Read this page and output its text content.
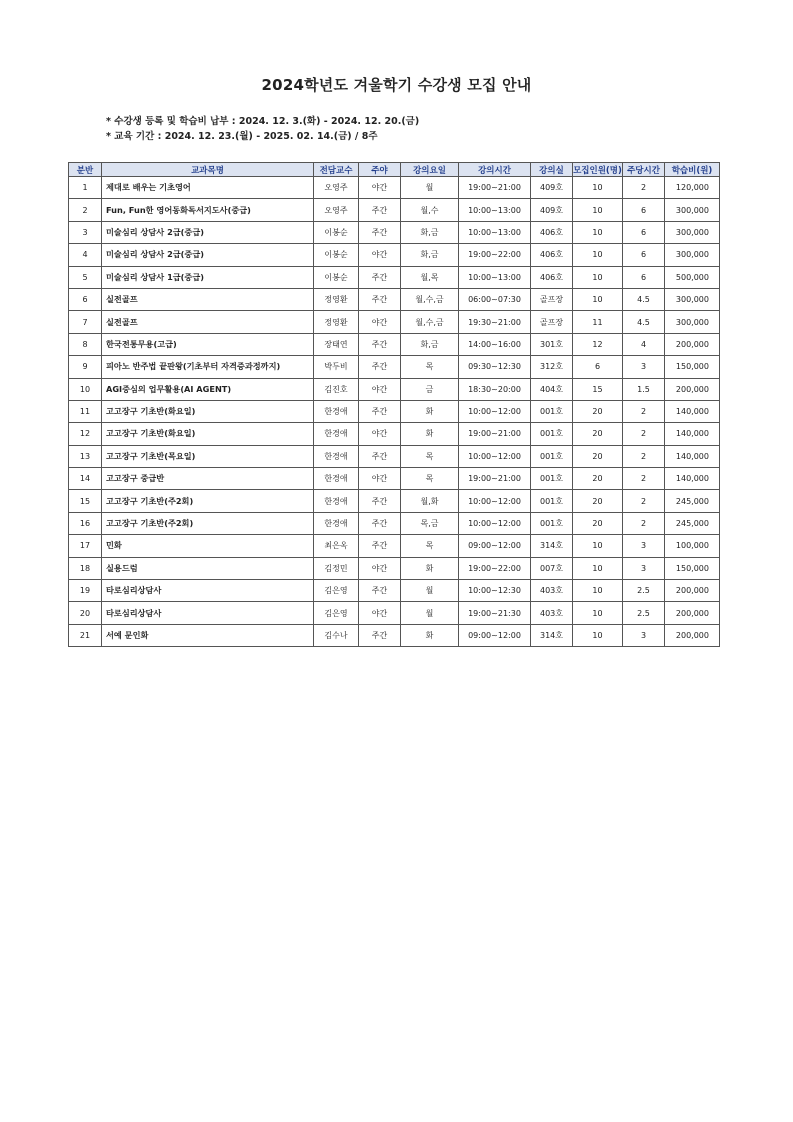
2024학년도 겨울학기 수강생 모집 안내
* 수강생 등록 및 학습비 납부 : 2024. 12. 3.(화) - 2024. 12. 20.(금)
* 교육 기간 : 2024. 12. 23.(월) - 2025. 02. 14.(금) / 8주
분반	교과목명	전담교수	주야	강의요일	강의시간	강의실	모집인원(명)	주당시간	학습비(원)
1	제대로 배우는 기초영어	오영주	야간	월	19:00~21:00	409호	10	2	120,000
2	Fun, Fun한 영어동화독서지도사(중급)	오영주	주간	월,수	10:00~13:00	409호	10	6	300,000
3	미술심리 상담사 2급(중급)	이봉순	주간	화,금	10:00~13:00	406호	10	6	300,000
4	미술심리 상담사 2급(중급)	이봉순	야간	화,금	19:00~22:00	406호	10	6	300,000
5	미술심리 상담사 1급(중급)	이봉순	주간	월,목	10:00~13:00	406호	10	6	500,000
6	실전골프	정영환	주간	월,수,금	06:00~07:30	골프장	10	4.5	300,000
7	실전골프	정영환	야간	월,수,금	19:30~21:00	골프장	11	4.5	300,000
8	한국전통무용(고급)	장태연	주간	화,금	14:00~16:00	301호	12	4	200,000
9	피아노 반주법 끝판왕(기초부터 자격증과정까지)	박두비	주간	목	09:30~12:30	312호	6	3	150,000
10	AGI중심의 업무활용(AI AGENT)	김진호	야간	금	18:30~20:00	404호	15	1.5	200,000
11	고고장구 기초반(화요일)	한경애	주간	화	10:00~12:00	001호	20	2	140,000
12	고고장구 기초반(화요일)	한경애	야간	화	19:00~21:00	001호	20	2	140,000
13	고고장구 기초반(목요일)	한경애	주간	목	10:00~12:00	001호	20	2	140,000
14	고고장구 중급반	한경애	야간	목	19:00~21:00	001호	20	2	140,000
15	고고장구 기초반(주2회)	한경애	주간	월,화	10:00~12:00	001호	20	2	245,000
16	고고장구 기초반(주2회)	한경애	주간	목,금	10:00~12:00	001호	20	2	245,000
17	민화	최은옥	주간	목	09:00~12:00	314호	10	3	100,000
18	실용드럼	김정민	야간	화	19:00~22:00	007호	10	3	150,000
19	타로심리상담사	김은영	주간	월	10:00~12:30	403호	10	2.5	200,000
20	타로심리상담사	김은영	야간	월	19:00~21:30	403호	10	2.5	200,000
21	서예 문인화	김수나	주간	화	09:00~12:00	314호	10	3	200,000
